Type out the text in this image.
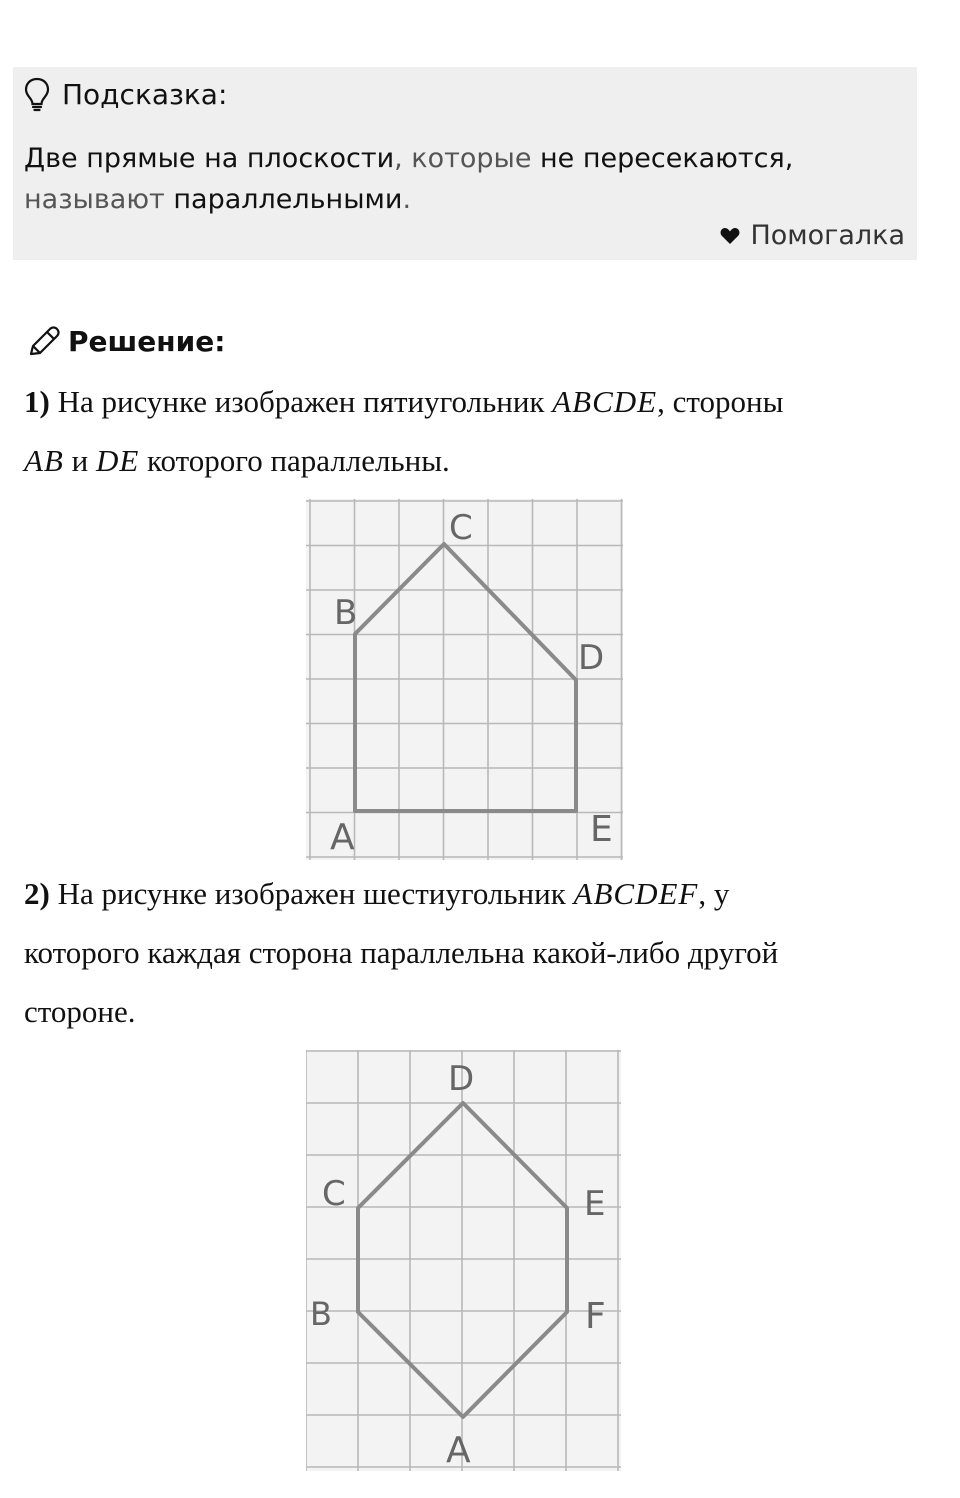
Подсказка:
Две прямые на плоскости, которые не пересекаются,
называют параллельными.
Помогалка
Решение:
1) На рисунке изображен пятиугольник ABCDE, стороны
AB и DE которого параллельны.
A
B
C
D
E
2) На рисунке изображен шестиугольник ABCDEF, у
которого каждая сторона параллельна какой-либо другой
стороне.
D
C	E
B	F
A
